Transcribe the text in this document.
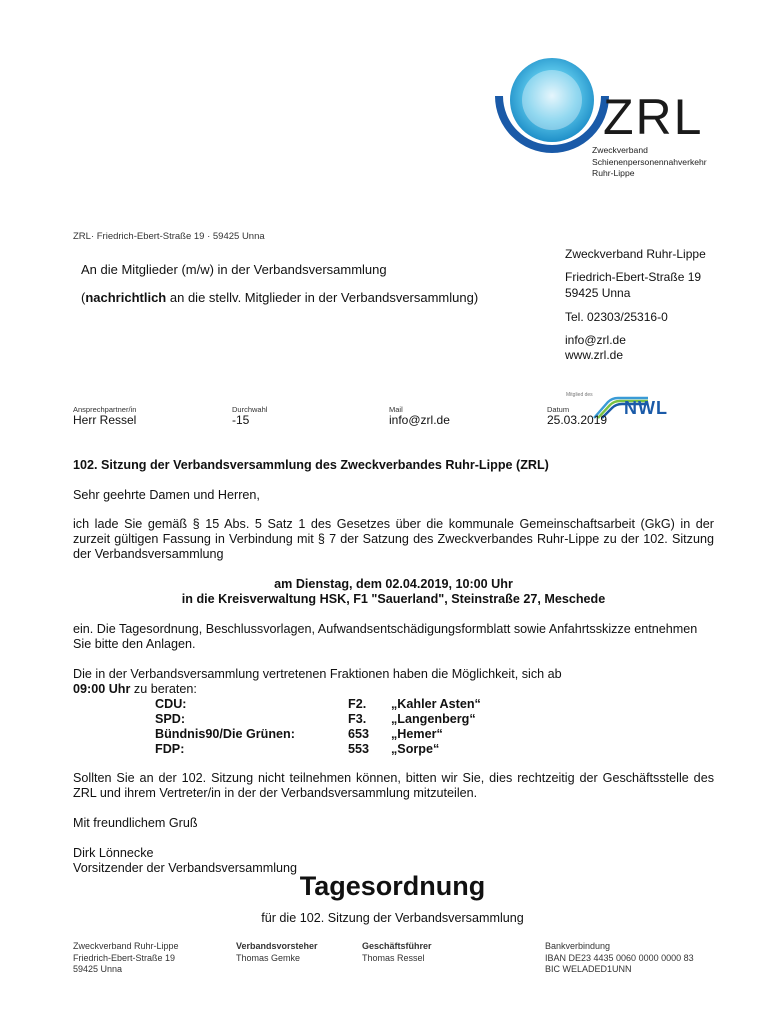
ZRL
Zweckverband
Schienenpersonennahverkehr
Ruhr-Lippe
ZRL· Friedrich-Ebert-Straße 19 · 59425 Unna
An die Mitglieder (m/w) in der Verbandsversammlung
(nachrichtlich an die stellv. Mitglieder in der Verbandsversammlung)
Zweckverband Ruhr-Lippe
Friedrich-Ebert-Straße 19
59425 Unna
Tel. 02303/25316-0
info@zrl.de
www.zrl.de
Mitglied des
NWL
Ansprechpartner/in
Herr Ressel
Durchwahl
-15
Mail
info@zrl.de
Datum
25.03.2019
102. Sitzung der Verbandsversammlung des Zweckverbandes Ruhr-Lippe (ZRL)
Sehr geehrte Damen und Herren,
ich lade Sie gemäß § 15 Abs. 5 Satz 1 des Gesetzes über die kommunale Gemeinschaftsarbeit (GkG) in der zurzeit gültigen Fassung in Verbindung mit § 7 der Satzung des Zweckverbandes Ruhr-Lippe zu der 102. Sitzung der Verbandsversammlung
am Dienstag, dem 02.04.2019, 10:00 Uhr
in die Kreisverwaltung HSK, F1 "Sauerland", Steinstraße 27, Meschede
ein. Die Tagesordnung, Beschlussvorlagen, Aufwandsentschädigungsformblatt sowie Anfahrtsskizze entnehmen Sie bitte den Anlagen.
Die in der Verbandsversammlung vertretenen Fraktionen haben die Möglichkeit, sich ab
09:00 Uhr zu beraten:
CDU:	F2. „Kahler Asten“
SPD:	F3. „Langenberg“
Bündnis90/Die Grünen:	653 „Hemer“
FDP:	553 „Sorpe“
Sollten Sie an der 102. Sitzung nicht teilnehmen können, bitten wir Sie, dies rechtzeitig der Geschäftsstelle des ZRL und ihrem Vertreter/in in der der Verbandsversammlung mitzuteilen.
Mit freundlichem Gruß
Dirk Lönnecke
Vorsitzender der Verbandsversammlung
Tagesordnung
für die 102. Sitzung der Verbandsversammlung
Zweckverband Ruhr-Lippe
Friedrich-Ebert-Straße 19
59425 Unna
Verbandsvorsteher
Thomas Gemke
Geschäftsführer
Thomas Ressel
Bankverbindung
IBAN DE23 4435 0060 0000 0000 83
BIC WELADED1UNN
